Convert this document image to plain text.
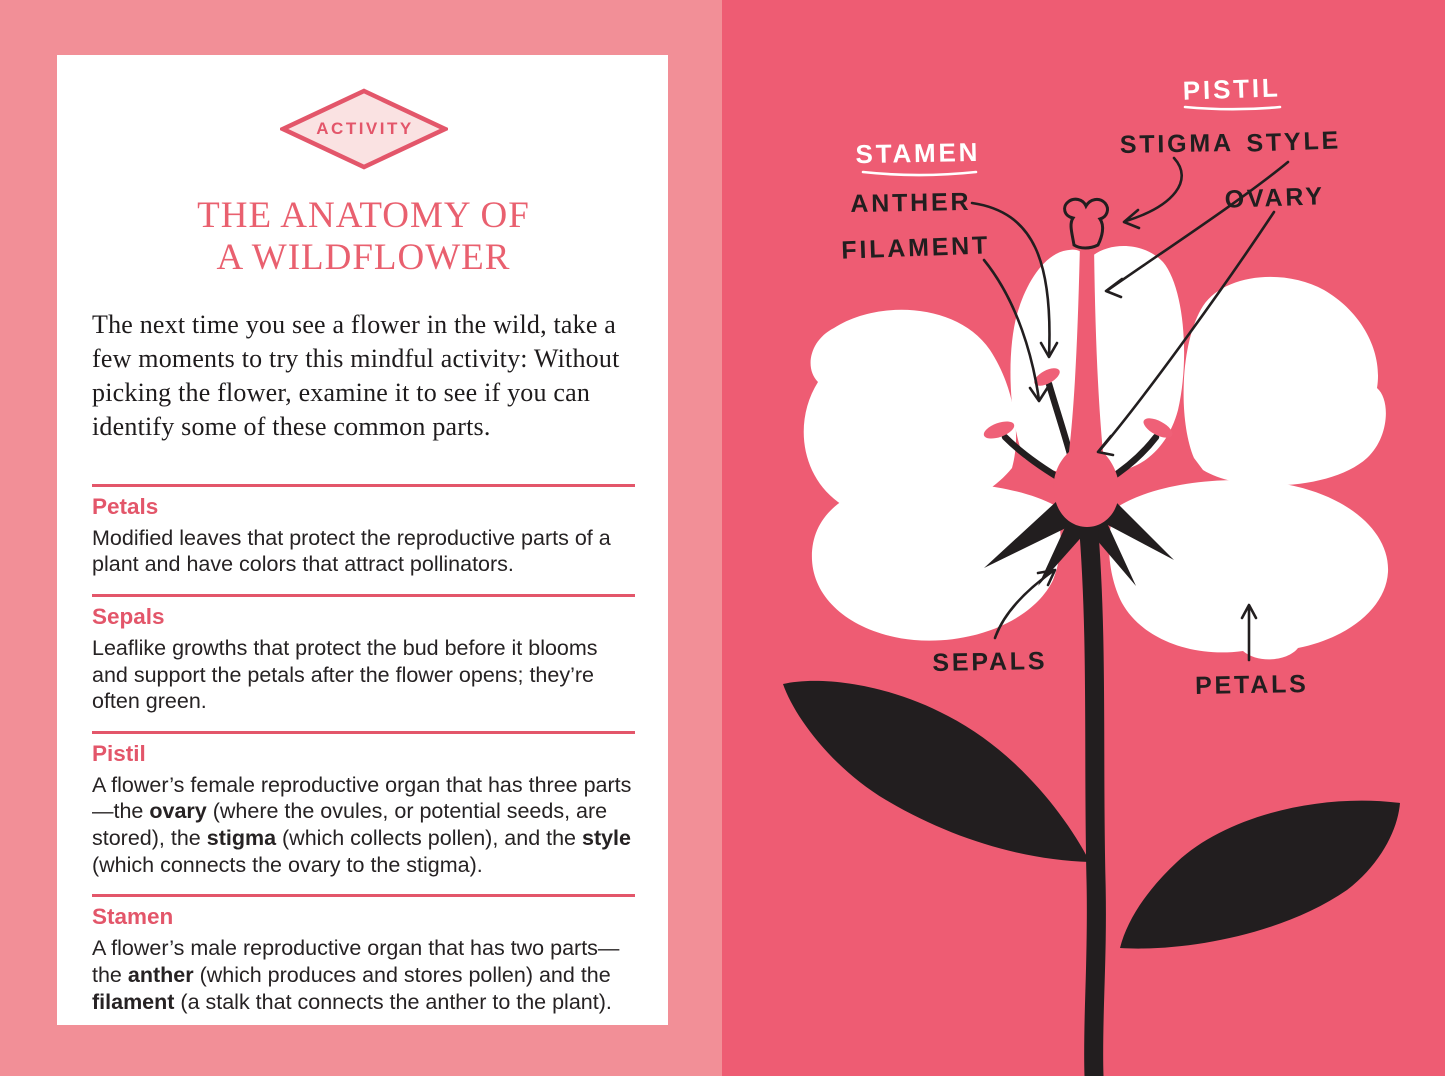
ACTIVITY
THE ANATOMY OF
A WILDFLOWER
The next time you see a flower in the wild, take a few moments to try this mindful activity: Without picking the flower, examine it to see if you can identify some of these common parts.
Petals
Modified leaves that protect the reproductive parts of a plant and have colors that attract pollinators.
Sepals
Leaflike growths that protect the bud before it blooms and support the petals after the flower opens; they’re often green.
Pistil
A flower’s female reproductive organ that has three parts—the ovary (where the ovules, or potential seeds, are stored), the stigma (which collects pollen), and the style (which connects the ovary to the stigma).
Stamen
A flower’s male reproductive organ that has two parts—the anther (which produces and stores pollen) and the filament (a stalk that connects the anther to the plant).
PISTIL
STIGMA STYLE
OVARY
STAMEN
ANTHER
FILAMENT
SEPALS
PETALS
